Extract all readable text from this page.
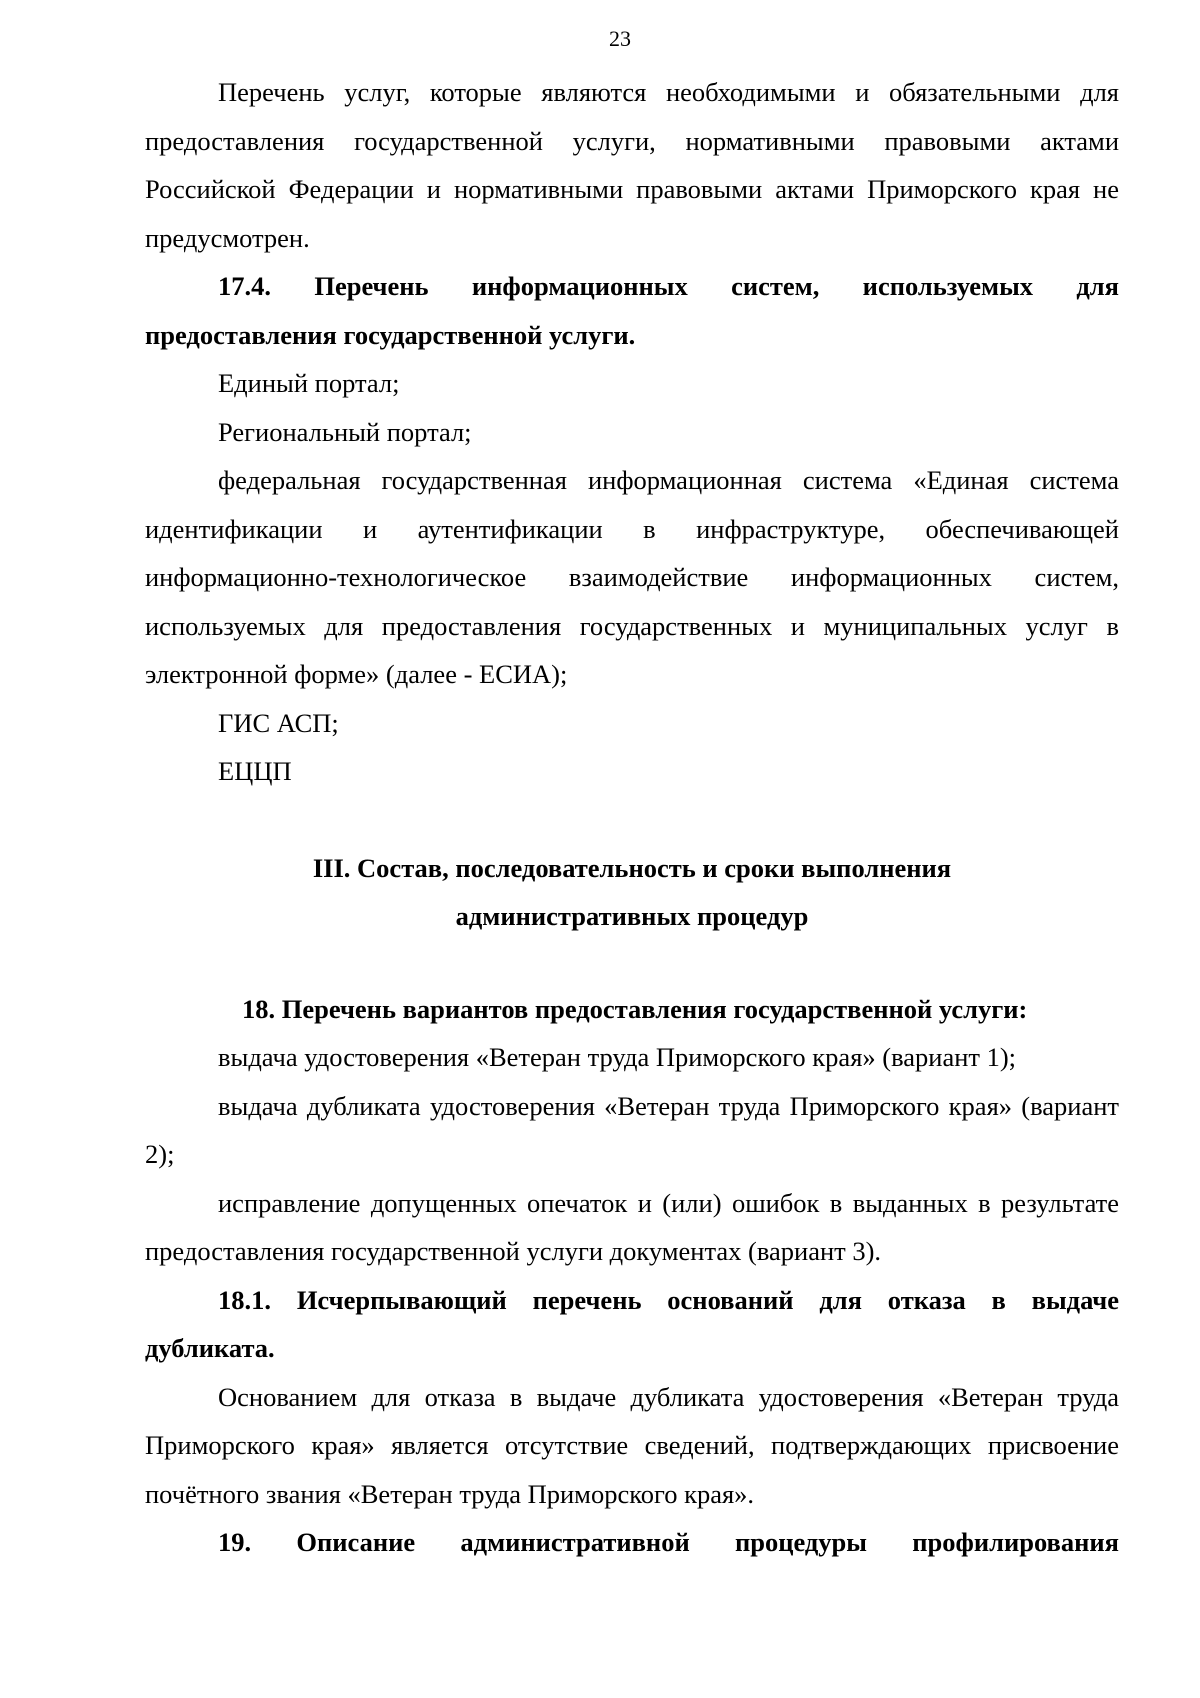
23

Перечень услуг, которые являются необходимыми и обязательными для предоставления государственной услуги, нормативными правовыми актами Российской Федерации и нормативными правовыми актами Приморского края не предусмотрен.

17.4. Перечень информационных систем, используемых для предоставления государственной услуги.

Единый портал;

Региональный портал;

федеральная государственная информационная система «Единая система идентификации и аутентификации в инфраструктуре, обеспечивающей информационно-технологическое взаимодействие информационных систем, используемых для предоставления государственных и муниципальных услуг в электронной форме» (далее - ЕСИА);

ГИС АСП;

ЕЦЦП

III. Состав, последовательность и сроки выполнения

административных процедур

18. Перечень вариантов предоставления государственной услуги:

выдача удостоверения «Ветеран труда Приморского края» (вариант 1);

выдача дубликата удостоверения «Ветеран труда Приморского края» (вариант 2);

исправление допущенных опечаток и (или) ошибок в выданных в результате предоставления государственной услуги документах (вариант 3).

18.1. Исчерпывающий перечень оснований для отказа в выдаче дубликата.

Основанием для отказа в выдаче дубликата удостоверения «Ветеран труда Приморского края» является отсутствие сведений, подтверждающих присвоение почётного звания «Ветеран труда Приморского края».

19. Описание административной процедуры профилирования
